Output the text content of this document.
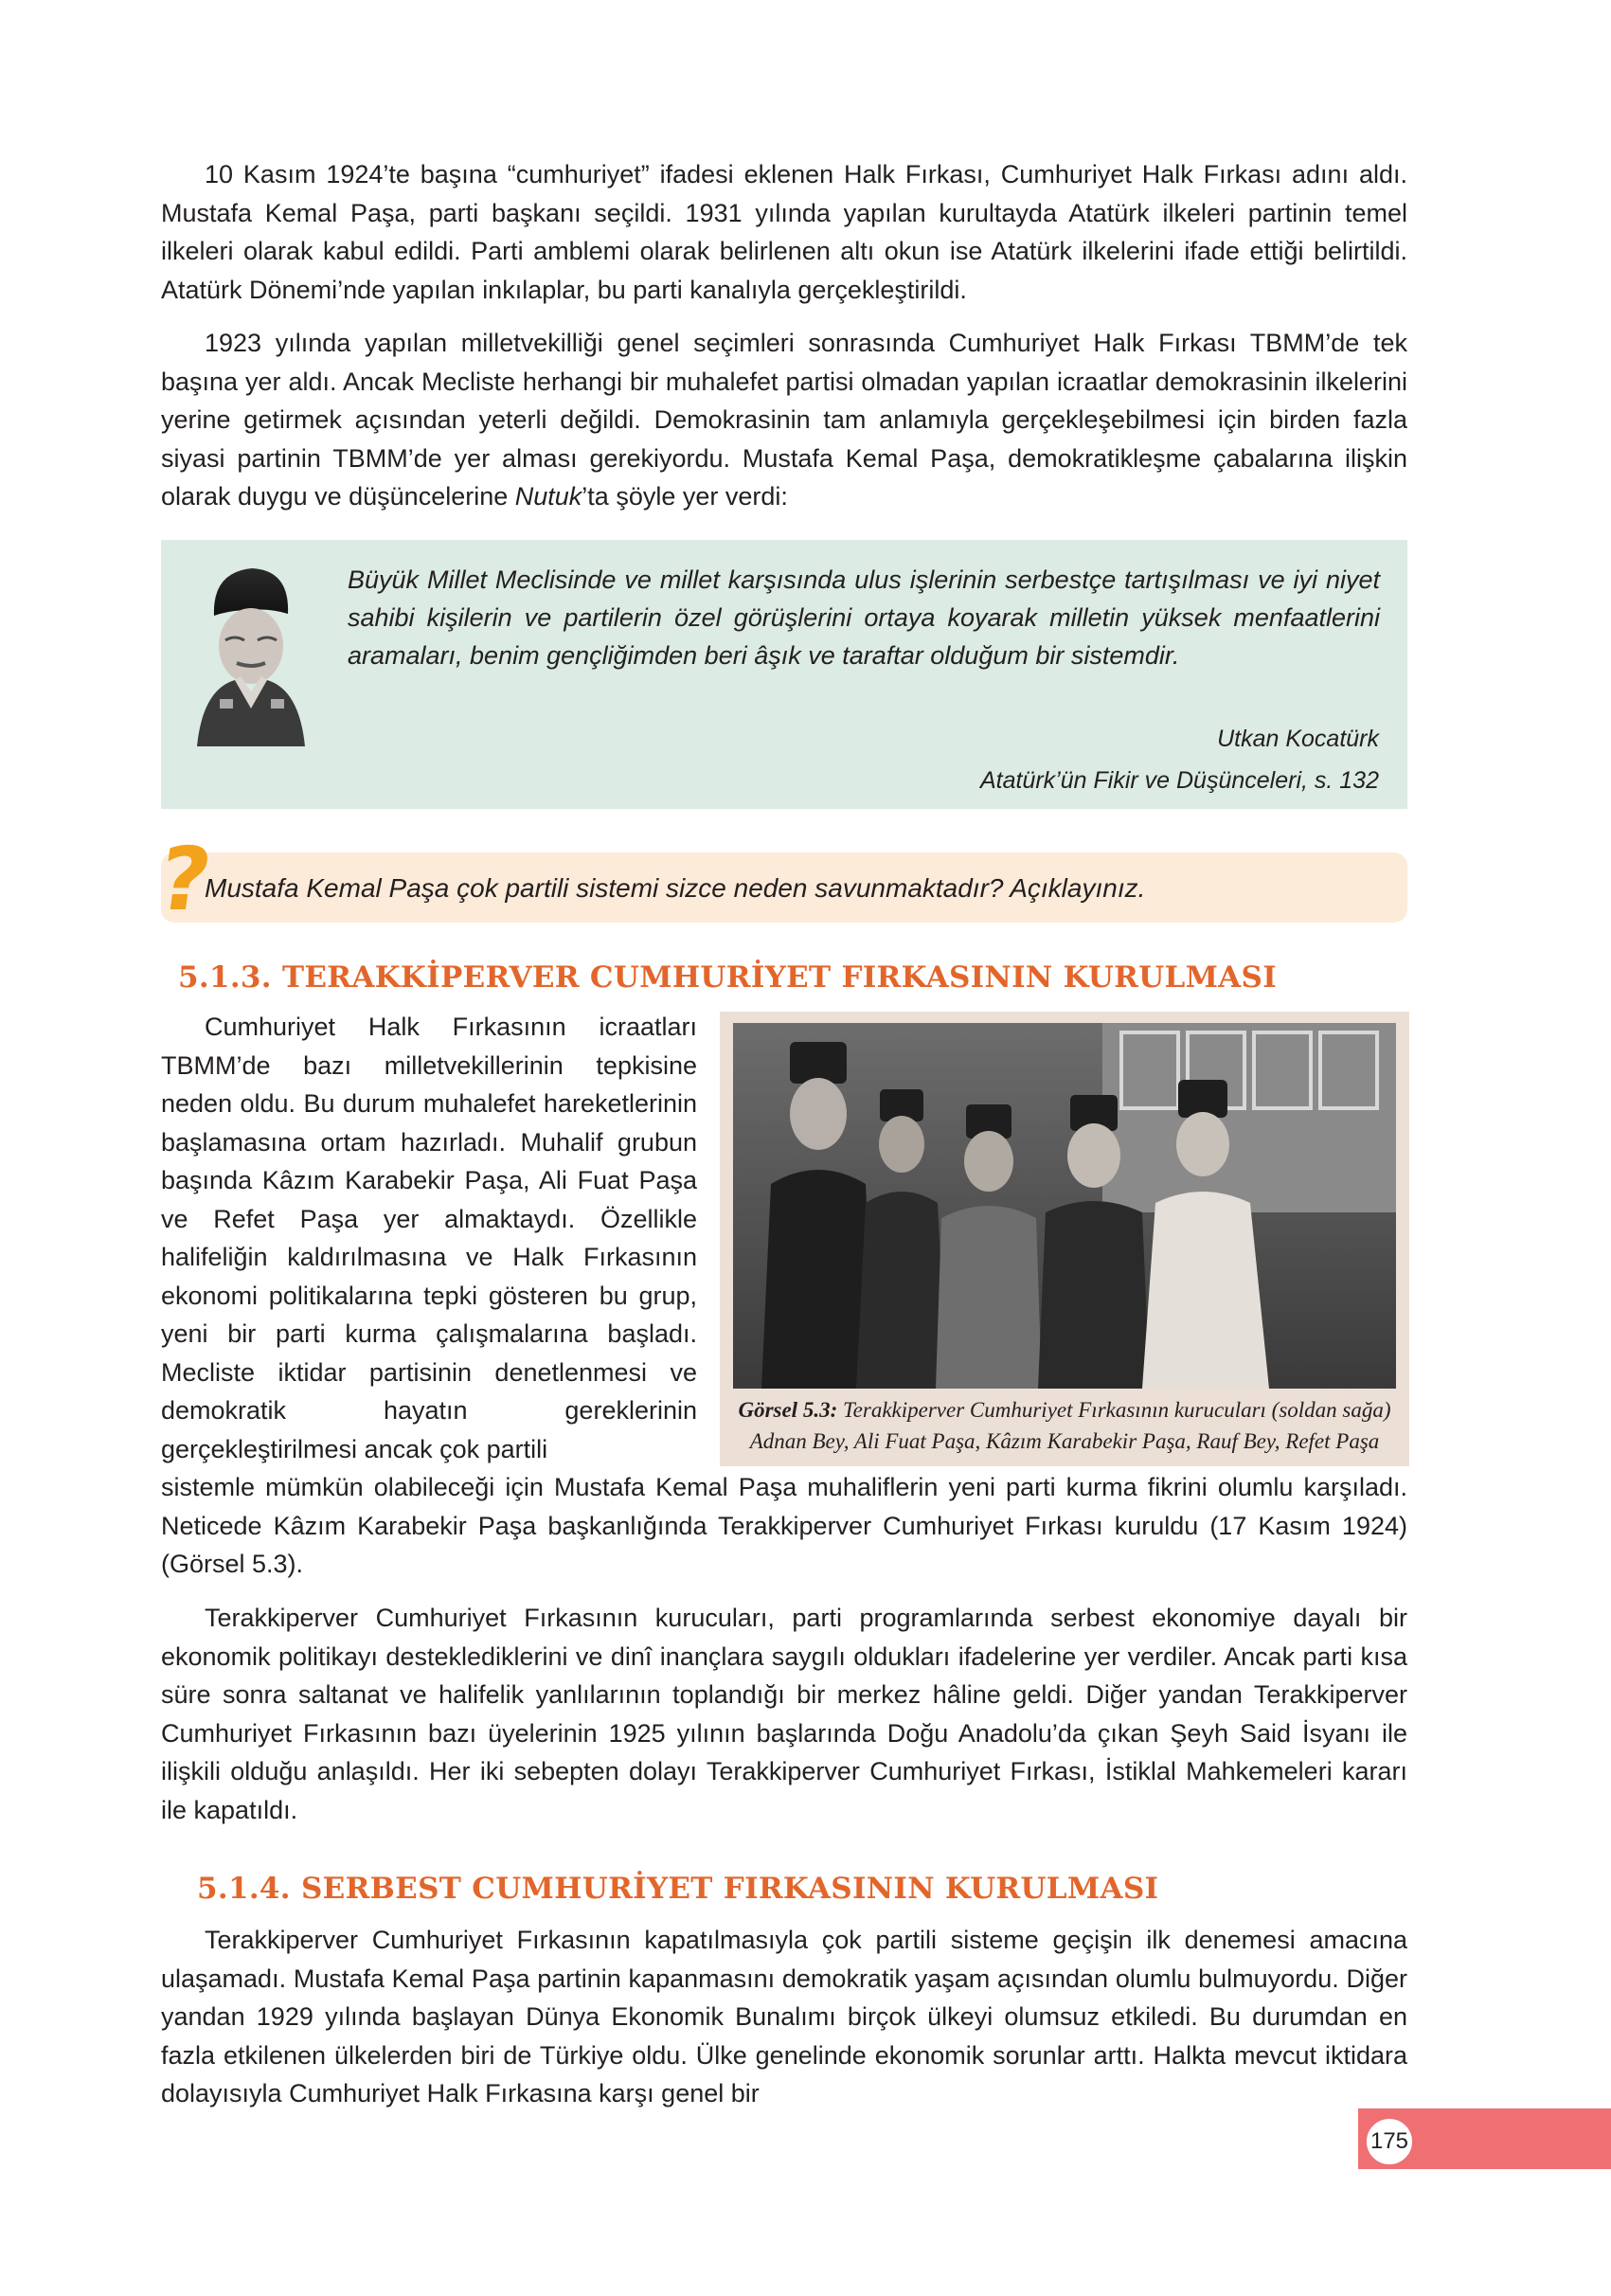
10 Kasım 1924’te başına “cumhuriyet” ifadesi eklenen Halk Fırkası, Cumhuriyet Halk Fırkası adını aldı. Mustafa Kemal Paşa, parti başkanı seçildi. 1931 yılında yapılan kurultayda Atatürk ilkeleri partinin temel ilkeleri olarak kabul edildi. Parti amblemi olarak belirlenen altı okun ise Atatürk ilkelerini ifade ettiği belirtildi. Atatürk Dönemi’nde yapılan inkılaplar, bu parti kanalıyla gerçekleştirildi.

1923 yılında yapılan milletvekilliği genel seçimleri sonrasında Cumhuriyet Halk Fırkası TBMM’de tek başına yer aldı. Ancak Mecliste herhangi bir muhalefet partisi olmadan yapılan icraatlar demokrasinin ilkelerini yerine getirmek açısından yeterli değildi. Demokrasinin tam anlamıyla gerçekleşebilmesi için birden fazla siyasi partinin TBMM’de yer alması gerekiyordu. Mustafa Kemal Paşa, demokratikleşme çabalarına ilişkin olarak duygu ve düşüncelerine Nutuk’ta şöyle yer verdi:

Büyük Millet Meclisinde ve millet karşısında ulus işlerinin serbestçe tartışılması ve iyi niyet sahibi kişilerin ve partilerin özel görüşlerini ortaya koyarak milletin yüksek menfaatlerini aramaları, benim gençliğimden beri âşık ve taraftar olduğum bir sistemdir.

Utkan Kocatürk

Atatürk’ün Fikir ve Düşünceleri, s. 132

?

Mustafa Kemal Paşa çok partili sistemi sizce neden savunmaktadır? Açıklayınız.

5.1.3. TERAKKİPERVER CUMHURİYET FIRKASININ KURULMASI

Cumhuriyet Halk Fırkasının icraatları TBMM’de bazı milletvekillerinin tepkisine neden oldu. Bu durum muhalefet hareketlerinin başlamasına ortam hazırladı. Muhalif grubun başında Kâzım Karabekir Paşa, Ali Fuat Paşa ve Refet Paşa yer almaktaydı. Özellikle halifeliğin kaldırılmasına ve Halk Fırkasının ekonomi politikalarına tepki gösteren bu grup, yeni bir parti kurma çalışmalarına başladı. Mecliste iktidar partisinin denetlenmesi ve demokratik hayatın gereklerinin gerçekleştirilmesi ancak çok partili

Görsel 5.3: Terakkiperver Cumhuriyet Fırkasının kurucuları (soldan sağa)
Adnan Bey, Ali Fuat Paşa, Kâzım Karabekir Paşa, Rauf Bey, Refet Paşa

sistemle mümkün olabileceği için Mustafa Kemal Paşa muhaliflerin yeni parti kurma fikrini olumlu karşıladı. Neticede Kâzım Karabekir Paşa başkanlığında Terakkiperver Cumhuriyet Fırkası kuruldu (17 Kasım 1924) (Görsel 5.3).

Terakkiperver Cumhuriyet Fırkasının kurucuları, parti programlarında serbest ekonomiye dayalı bir ekonomik politikayı desteklediklerini ve dinî inançlara saygılı oldukları ifadelerine yer verdiler. Ancak parti kısa süre sonra saltanat ve halifelik yanlılarının toplandığı bir merkez hâline geldi. Diğer yandan Terakkiperver Cumhuriyet Fırkasının bazı üyelerinin 1925 yılının başlarında Doğu Anadolu’da çıkan Şeyh Said İsyanı ile ilişkili olduğu anlaşıldı. Her iki sebepten dolayı Terakkiperver Cumhuriyet Fırkası, İstiklal Mahkemeleri kararı ile kapatıldı.

5.1.4. SERBEST CUMHURİYET FIRKASININ KURULMASI

Terakkiperver Cumhuriyet Fırkasının kapatılmasıyla çok partili sisteme geçişin ilk denemesi amacına ulaşamadı. Mustafa Kemal Paşa partinin kapanmasını demokratik yaşam açısından olumlu bulmuyordu. Diğer yandan 1929 yılında başlayan Dünya Ekonomik Bunalımı birçok ülkeyi olumsuz etkiledi. Bu durumdan en fazla etkilenen ülkelerden biri de Türkiye oldu. Ülke genelinde ekonomik sorunlar arttı. Halkta mevcut iktidara dolayısıyla Cumhuriyet Halk Fırkasına karşı genel bir

175
